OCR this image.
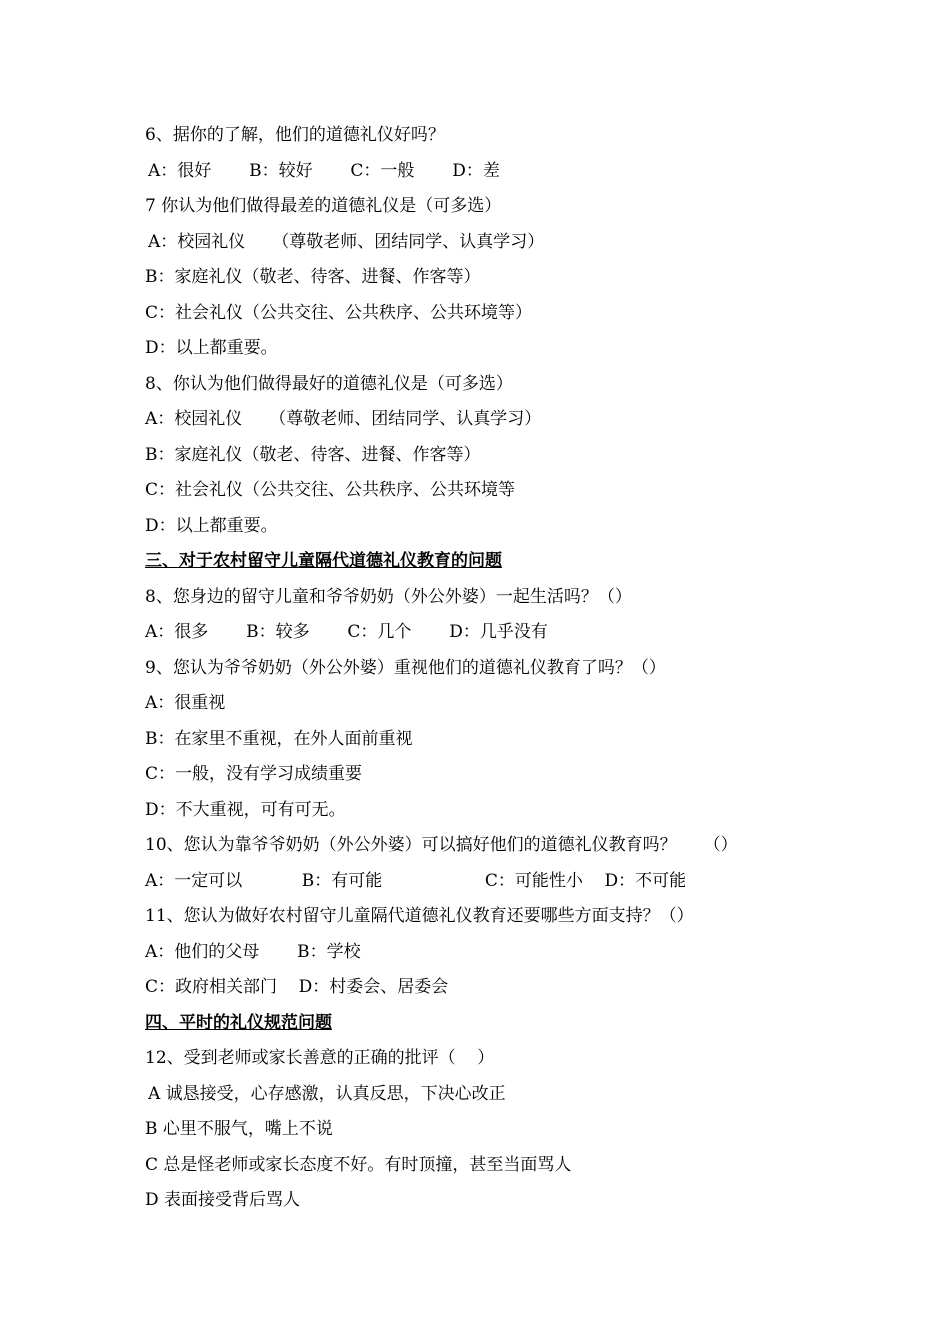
6、据你的了解，他们的道德礼仪好吗？
A：很好       B：较好       C：一般       D：差
7 你认为他们做得最差的道德礼仪是（可多选）
A：校园礼仪     （尊敬老师、团结同学、认真学习）
B：家庭礼仪（敬老、待客、进餐、作客等）
C：社会礼仪（公共交往、公共秩序、公共环境等）
D：以上都重要。
8、你认为他们做得最好的道德礼仪是（可多选）
A：校园礼仪     （尊敬老师、团结同学、认真学习）
B：家庭礼仪（敬老、待客、进餐、作客等）
C：社会礼仪（公共交往、公共秩序、公共环境等
D：以上都重要。
三、对于农村留守儿童隔代道德礼仪教育的问题
8、您身边的留守儿童和爷爷奶奶（外公外婆）一起生活吗？（）
A：很多       B：较多       C：几个       D：几乎没有
9、您认为爷爷奶奶（外公外婆）重视他们的道德礼仪教育了吗？（）
A：很重视
B：在家里不重视，在外人面前重视
C：一般，没有学习成绩重要
D：不大重视，可有可无。
10、您认为靠爷爷奶奶（外公外婆）可以搞好他们的道德礼仪教育吗？     （）
A：一定可以           B：有可能                   C：可能性小    D：不可能
11、您认为做好农村留守儿童隔代道德礼仪教育还要哪些方面支持？（）
A：他们的父母       B：学校
C：政府相关部门    D：村委会、居委会
四、平时的礼仪规范问题
12、受到老师或家长善意的正确的批评（    ）
A 诚恳接受，心存感激，认真反思，下决心改正
B 心里不服气，嘴上不说
C 总是怪老师或家长态度不好。有时顶撞，甚至当面骂人
D 表面接受背后骂人
